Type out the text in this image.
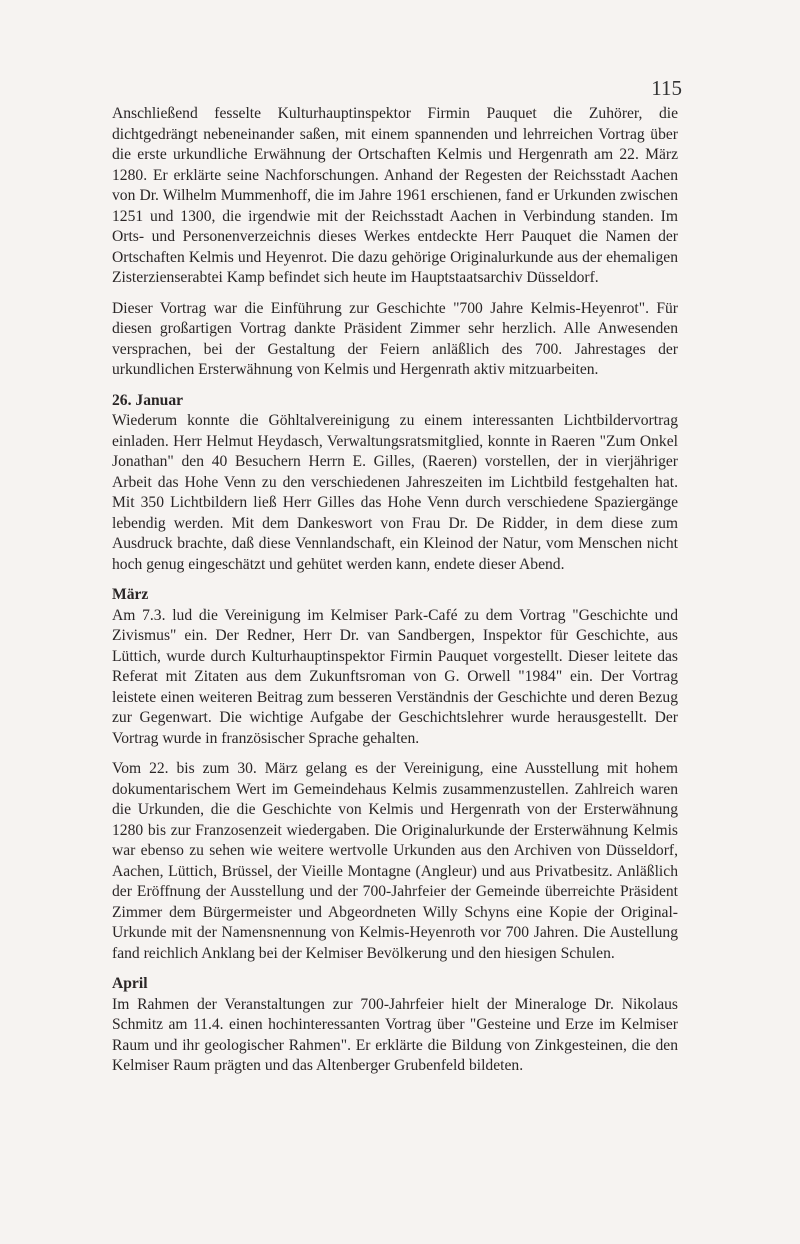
115

Anschließend fesselte Kulturhauptinspektor Firmin Pauquet die Zuhörer, die dichtgedrängt nebeneinander saßen, mit einem spannenden und lehrreichen Vortrag über die erste urkundliche Erwähnung der Ortschaften Kelmis und Hergenrath am 22. März 1280. Er erklärte seine Nachforschungen. Anhand der Regesten der Reichsstadt Aachen von Dr. Wilhelm Mummenhoff, die im Jahre 1961 erschienen, fand er Urkunden zwischen 1251 und 1300, die irgendwie mit der Reichsstadt Aachen in Verbindung standen. Im Orts- und Personenverzeichnis dieses Werkes entdeckte Herr Pauquet die Namen der Ortschaften Kelmis und Heyenrot. Die dazu gehörige Originalurkunde aus der ehemaligen Zisterzienserabtei Kamp befindet sich heute im Hauptstaatsarchiv Düsseldorf.

Dieser Vortrag war die Einführung zur Geschichte "700 Jahre Kelmis-Heyenrot". Für diesen großartigen Vortrag dankte Präsident Zimmer sehr herzlich. Alle Anwesenden versprachen, bei der Gestaltung der Feiern anläßlich des 700. Jahrestages der urkundlichen Ersterwähnung von Kelmis und Hergenrath aktiv mitzuarbeiten.

26. Januar

Wiederum konnte die Göhltalvereinigung zu einem interessanten Lichtbildervortrag einladen. Herr Helmut Heydasch, Verwaltungsratsmitglied, konnte in Raeren "Zum Onkel Jonathan" den 40 Besuchern Herrn E. Gilles, (Raeren) vorstellen, der in vierjähriger Arbeit das Hohe Venn zu den verschiedenen Jahreszeiten im Lichtbild festgehalten hat. Mit 350 Lichtbildern ließ Herr Gilles das Hohe Venn durch verschiedene Spaziergänge lebendig werden. Mit dem Dankeswort von Frau Dr. De Ridder, in dem diese zum Ausdruck brachte, daß diese Vennlandschaft, ein Kleinod der Natur, vom Menschen nicht hoch genug eingeschätzt und gehütet werden kann, endete dieser Abend.

März

Am 7.3. lud die Vereinigung im Kelmiser Park-Café zu dem Vortrag "Geschichte und Zivismus" ein. Der Redner, Herr Dr. van Sandbergen, Inspektor für Geschichte, aus Lüttich, wurde durch Kulturhauptinspektor Firmin Pauquet vorgestellt. Dieser leitete das Referat mit Zitaten aus dem Zukunftsroman von G. Orwell "1984" ein. Der Vortrag leistete einen weiteren Beitrag zum besseren Verständnis der Geschichte und deren Bezug zur Gegenwart. Die wichtige Aufgabe der Geschichtslehrer wurde herausgestellt. Der Vortrag wurde in französischer Sprache gehalten.

Vom 22. bis zum 30. März gelang es der Vereinigung, eine Ausstellung mit hohem dokumentarischem Wert im Gemeindehaus Kelmis zusammenzustellen. Zahlreich waren die Urkunden, die die Geschichte von Kelmis und Hergenrath von der Ersterwähnung 1280 bis zur Franzosenzeit wiedergaben. Die Originalurkunde der Ersterwähnung Kelmis war ebenso zu sehen wie weitere wertvolle Urkunden aus den Archiven von Düsseldorf, Aachen, Lüttich, Brüssel, der Vieille Montagne (Angleur) und aus Privatbesitz. Anläßlich der Eröffnung der Ausstellung und der 700-Jahrfeier der Gemeinde überreichte Präsident Zimmer dem Bürgermeister und Abgeordneten Willy Schyns eine Kopie der Original-Urkunde mit der Namensnennung von Kelmis-Heyenroth vor 700 Jahren. Die Austellung fand reichlich Anklang bei der Kelmiser Bevölkerung und den hiesigen Schulen.

April

Im Rahmen der Veranstaltungen zur 700-Jahrfeier hielt der Mineraloge Dr. Nikolaus Schmitz am 11.4. einen hochinteressanten Vortrag über "Gesteine und Erze im Kelmiser Raum und ihr geologischer Rahmen". Er erklärte die Bildung von Zinkgesteinen, die den Kelmiser Raum prägten und das Altenberger Grubenfeld bildeten.
